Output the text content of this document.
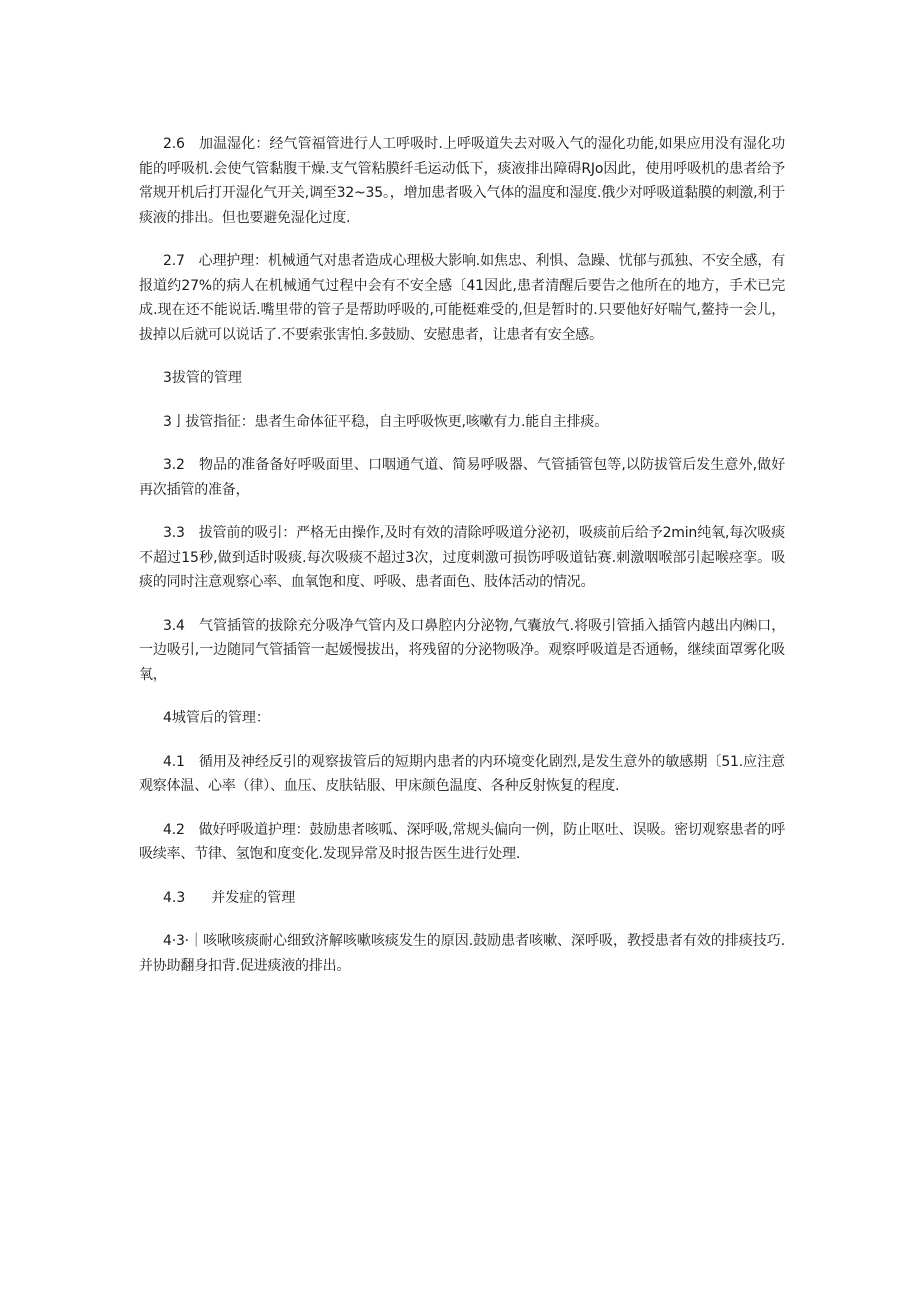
2.6　加温湿化：经气管福管进行人工呼吸时.上呼吸道失去对吸入气的湿化功能,如果应用没有湿化功能的呼吸机.会使气管黏腹干燥.支气管粘膜纤毛运动低下，痰液排出障碍RJo因此，使用呼吸机的患者给予常规开机后打开湿化气开关,调至32~35。，增加患者吸入气体的温度和湿度.俄少对呼吸道黏膜的刺激,利于痰液的排出。但也要避免湿化过度.

2.7　心理护理：机械通气对患者造成心理极大影响.如焦忠、利惧、急躁、忧郁与孤独、不安全感，有报道约27%的病人在机械通气过程中会有不安全感〔41因此,患者清醒后要告之他所在的地方，手术已完成.现在还不能说话.嘴里带的管子是帮助呼吸的,可能梃难受的,但是暂时的.只要他好好喘气,鳌持一会儿，拔掉以后就可以说话了.不要索张害怕.多鼓励、安慰患者，让患者有安全感。

3拔管的管理

3亅拔管指征：患者生命体征平稳，自主呼吸恢更,咳嗽有力.能自主排痰。

3.2　物品的准备备好呼吸面里、口咽通气道、简易呼吸器、气管插管包等,以防拔管后发生意外,做好再次插管的准备，

3.3　拔管前的吸引：严格无由操作,及时有效的清除呼吸道分泌初，吸痰前后给予2min纯氧,每次吸痰不超过15秒,做到适时吸痰.每次吸痰不超过3次，过度刺激可损饬呼吸道钻赛.刺激咽喉部引起喉痉挛。吸痰的同时注意观察心率、血氧饱和度、呼吸、患者面色、肢体活动的情况。

3.4　气管插管的拔除充分吸净气管内及口鼻腔内分泌物,气囊放气.将吸引管插入插管内越出内㈱口，一边吸引,一边随同气管插管一起媛慢拔出，将残留的分泌物吸净。观察呼吸道是否通畅，继续面罩雾化吸氧，

4城管后的管理：

4.1　循用及神经反引的观察拔管后的短期内患者的内环境变化剧烈,是发生意外的敏感期〔51.应注意观察体温、心率（律）、血压、皮肤钻服、甲床颜色温度、各种反射恢复的程度.

4.2　做好呼吸道护理：鼓励患者咳呱、深呼吸,常规头偏向一例，防止呕吐、误吸。密切观察患者的呼吸续率、节律、氢饱和度变化.发现异常及时报告医生进行处理.

4.3 并发症的管理

4·3·｜咳啾咳痰耐心细致济解咳嗽咳痰发生的原因.鼓励患者咳嗽、深呼吸，教授患者有效的排痰技巧.并协助翻身扣背.促进痰液的排出。
